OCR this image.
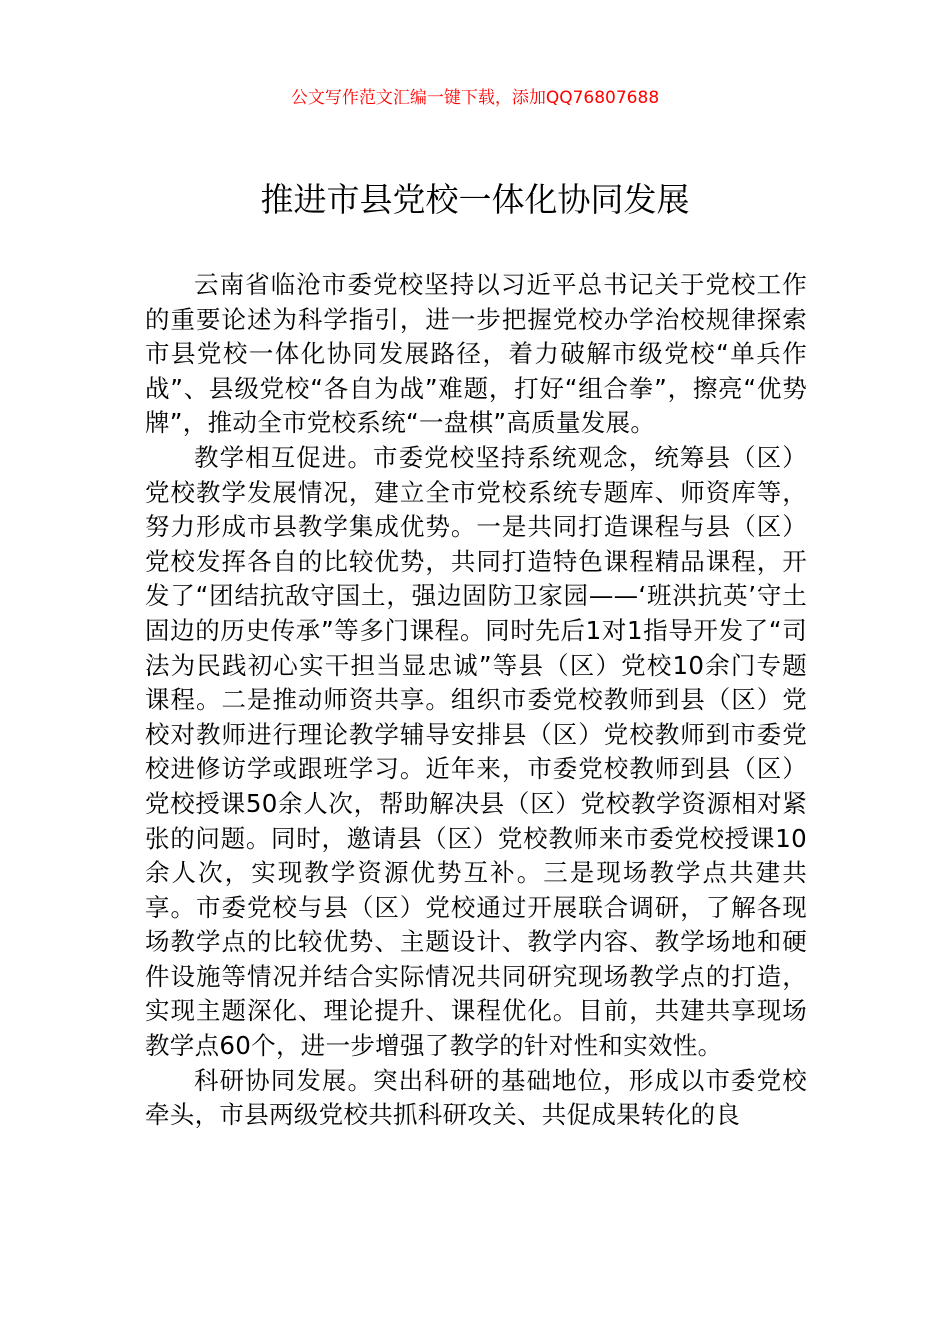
公文写作范文汇编一键下载，添加QQ76807688
推进市县党校一体化协同发展

云南省临沧市委党校坚持以习近平总书记关于党校工作的重要论述为科学指引，进一步把握党校办学治校规律探索市县党校一体化协同发展路径，着力破解市级党校“单兵作战”、县级党校“各自为战”难题，打好“组合拳”，擦亮“优势牌”，推动全市党校系统“一盘棋”高质量发展。

教学相互促进。市委党校坚持系统观念，统筹县（区）党校教学发展情况，建立全市党校系统专题库、师资库等，努力形成市县教学集成优势。一是共同打造课程与县（区）党校发挥各自的比较优势，共同打造特色课程精品课程，开发了“团结抗敌守国土，强边固防卫家园——‘班洪抗英’守土固边的历史传承”等多门课程。同时先后1对1指导开发了“司法为民践初心实干担当显忠诚”等县（区）党校10余门专题课程。二是推动师资共享。组织市委党校教师到县（区）党校对教师进行理论教学辅导安排县（区）党校教师到市委党校进修访学或跟班学习。近年来，市委党校教师到县（区）党校授课50余人次，帮助解决县（区）党校教学资源相对紧张的问题。同时，邀请县（区）党校教师来市委党校授课10余人次，实现教学资源优势互补。三是现场教学点共建共享。市委党校与县（区）党校通过开展联合调研，了解各现场教学点的比较优势、主题设计、教学内容、教学场地和硬件设施等情况并结合实际情况共同研究现场教学点的打造，实现主题深化、理论提升、课程优化。目前，共建共享现场教学点60个，进一步增强了教学的针对性和实效性。

科研协同发展。突出科研的基础地位，形成以市委党校牵头，市县两级党校共抓科研攻关、共促成果转化的良
